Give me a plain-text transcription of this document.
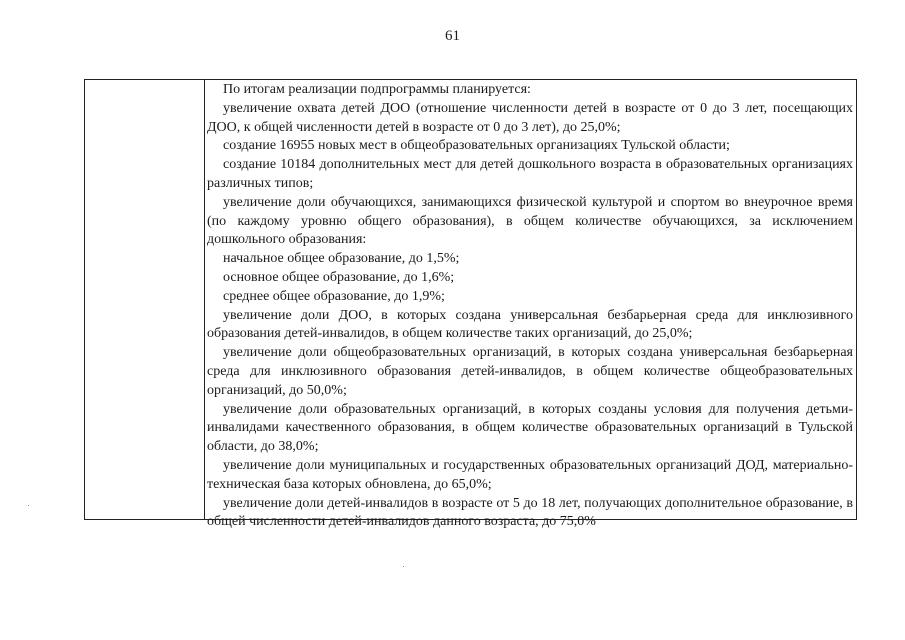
61

По итогам реализации подпрограммы планируется:

увеличение охвата детей ДОО (отношение численности детей в возрасте от 0 до 3 лет, посещающих ДОО, к общей численности детей в возрасте от 0 до 3 лет), до 25,0%;

создание 16955 новых мест в общеобразовательных организациях Тульской области;

создание 10184 дополнительных мест для детей дошкольного возраста в образовательных организациях различных типов;

увеличение доли обучающихся, занимающихся физической культурой и спортом во внеурочное время (по каждому уровню общего образования), в общем количестве обучающихся, за исключением дошкольного образования:

начальное общее образование, до 1,5%;

основное общее образование, до 1,6%;

среднее общее образование, до 1,9%;

увеличение доли ДОО, в которых создана универсальная безбарьерная среда для инклюзивного образования детей-инвалидов, в общем количестве таких организаций, до 25,0%;

увеличение доли общеобразовательных организаций, в которых создана универсальная безбарьерная среда для инклюзивного образования детей-инвалидов, в общем количестве общеобразовательных организаций, до 50,0%;

увеличение доли образовательных организаций, в которых созданы условия для получения детьми-инвалидами качественного образования, в общем количестве образовательных организаций в Тульской области, до 38,0%;

увеличение доли муниципальных и государственных образовательных организаций ДОД, материально-техническая база которых обновлена, до 65,0%;

увеличение доли детей-инвалидов в возрасте от 5 до 18 лет, получающих дополнительное образование, в общей численности детей-инвалидов данного возраста, до 75,0%
